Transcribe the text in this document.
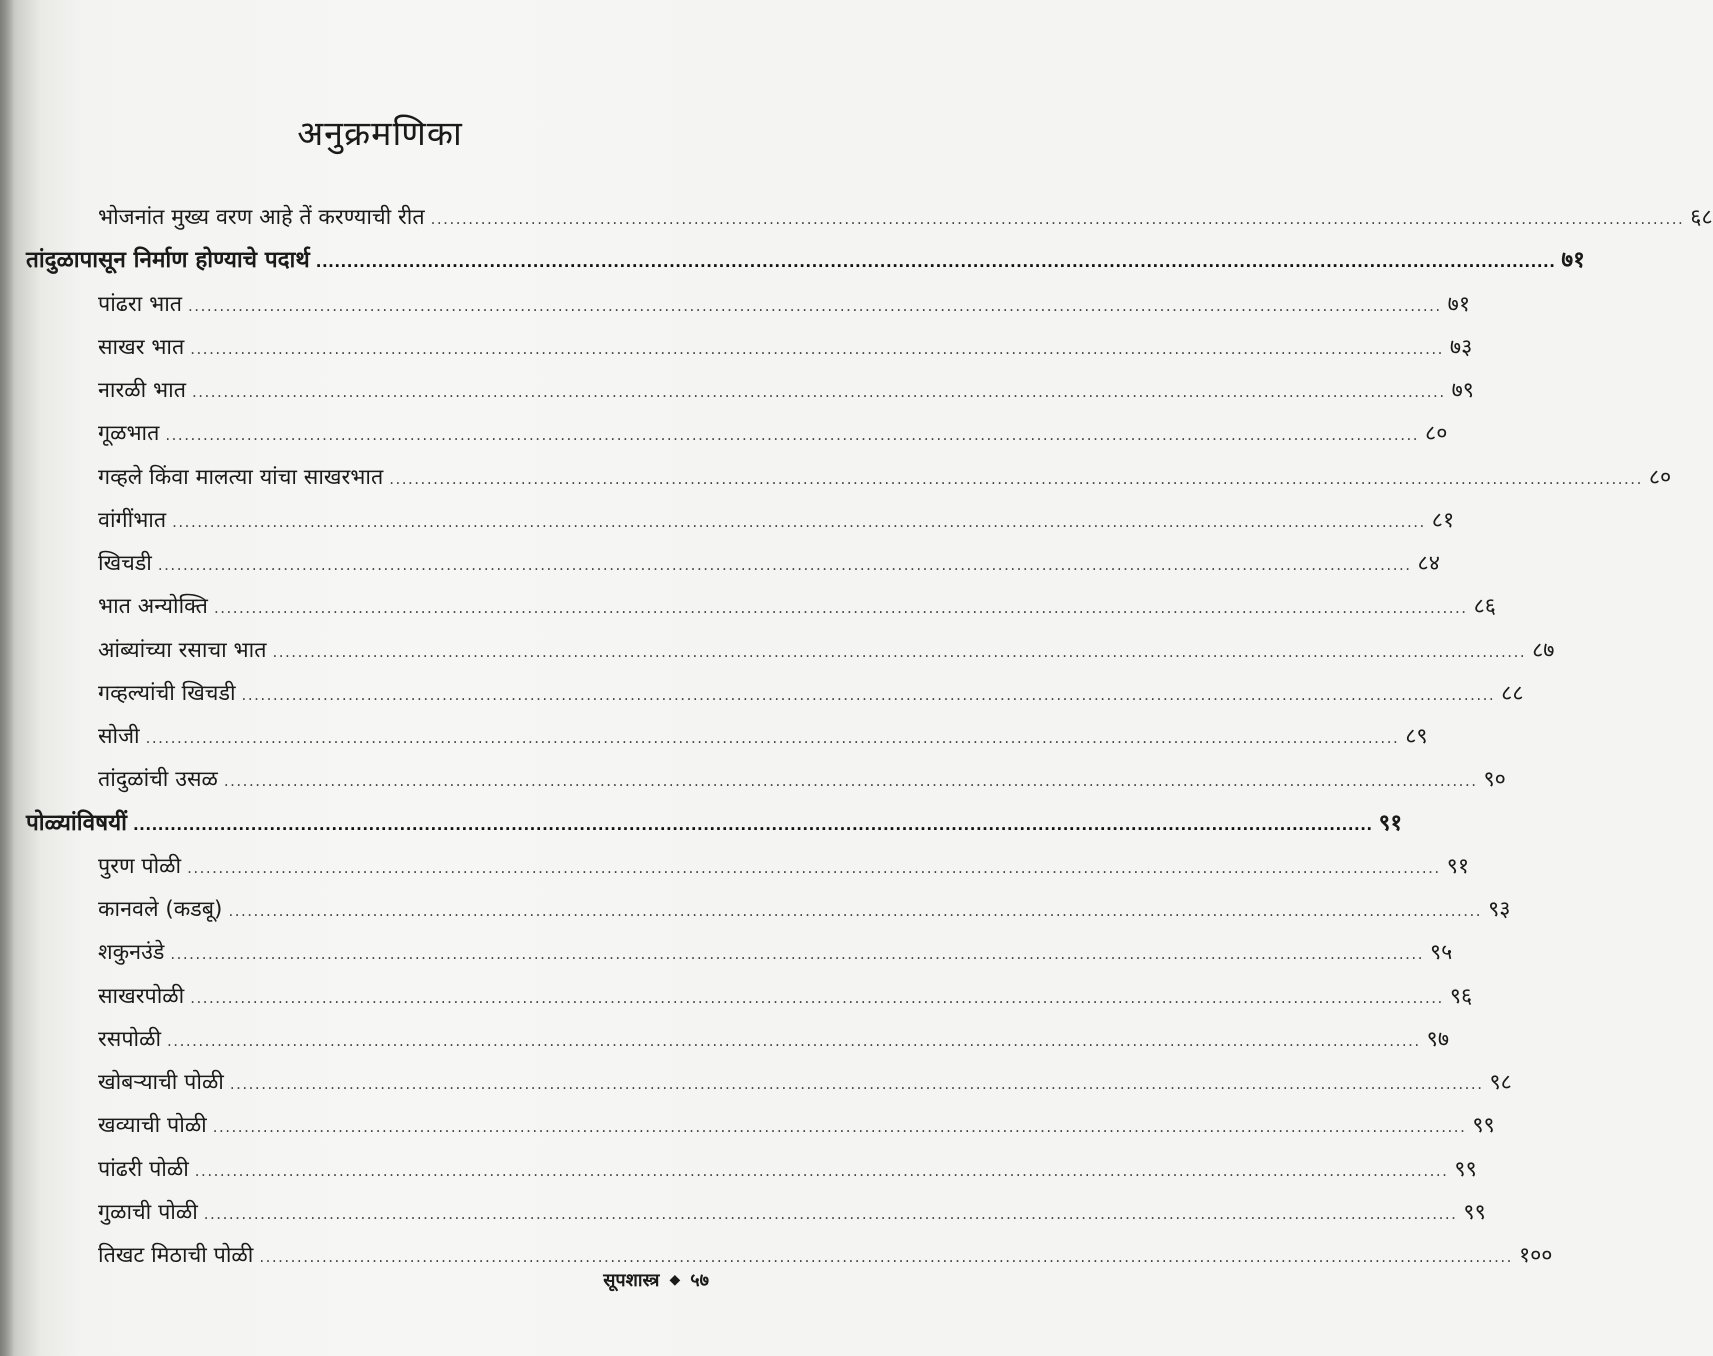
अनुक्रमणिका
भोजनांत मुख्य वरण आहे तें करण्याची रीत ........................................................................................................................................................................................................ ६८
तांदुळापासून निर्माण होण्याचे पदार्थ ........................................................................................................................................................................................................ ७१
पांढरा भात ........................................................................................................................................................................................................ ७१
साखर भात ........................................................................................................................................................................................................ ७३
नारळी भात ........................................................................................................................................................................................................ ७९
गूळभात ........................................................................................................................................................................................................ ८०
गव्हले किंवा मालत्या यांचा साखरभात ........................................................................................................................................................................................................ ८०
वांगींभात ........................................................................................................................................................................................................ ८१
खिचडी ........................................................................................................................................................................................................ ८४
भात अन्योक्ति ........................................................................................................................................................................................................ ८६
आंब्यांच्या रसाचा भात ........................................................................................................................................................................................................ ८७
गव्हल्यांची खिचडी ........................................................................................................................................................................................................ ८८
सोजी ........................................................................................................................................................................................................ ८९
तांदुळांची उसळ ........................................................................................................................................................................................................ ९०
पोळ्यांविषयीं ........................................................................................................................................................................................................ ९१
पुरण पोळी ........................................................................................................................................................................................................ ९१
कानवले (कडबू) ........................................................................................................................................................................................................ ९३
शकुनउंडे ........................................................................................................................................................................................................ ९५
साखरपोळी ........................................................................................................................................................................................................ ९६
रसपोळी ........................................................................................................................................................................................................ ९७
खोबऱ्याची पोळी ........................................................................................................................................................................................................ ९८
खव्याची पोळी ........................................................................................................................................................................................................ ९९
पांढरी पोळी ........................................................................................................................................................................................................ ९९
गुळाची पोळी ........................................................................................................................................................................................................ ९९
तिखट मिठाची पोळी ........................................................................................................................................................................................................ १००
सूपशास्त्र ◆ ५७
